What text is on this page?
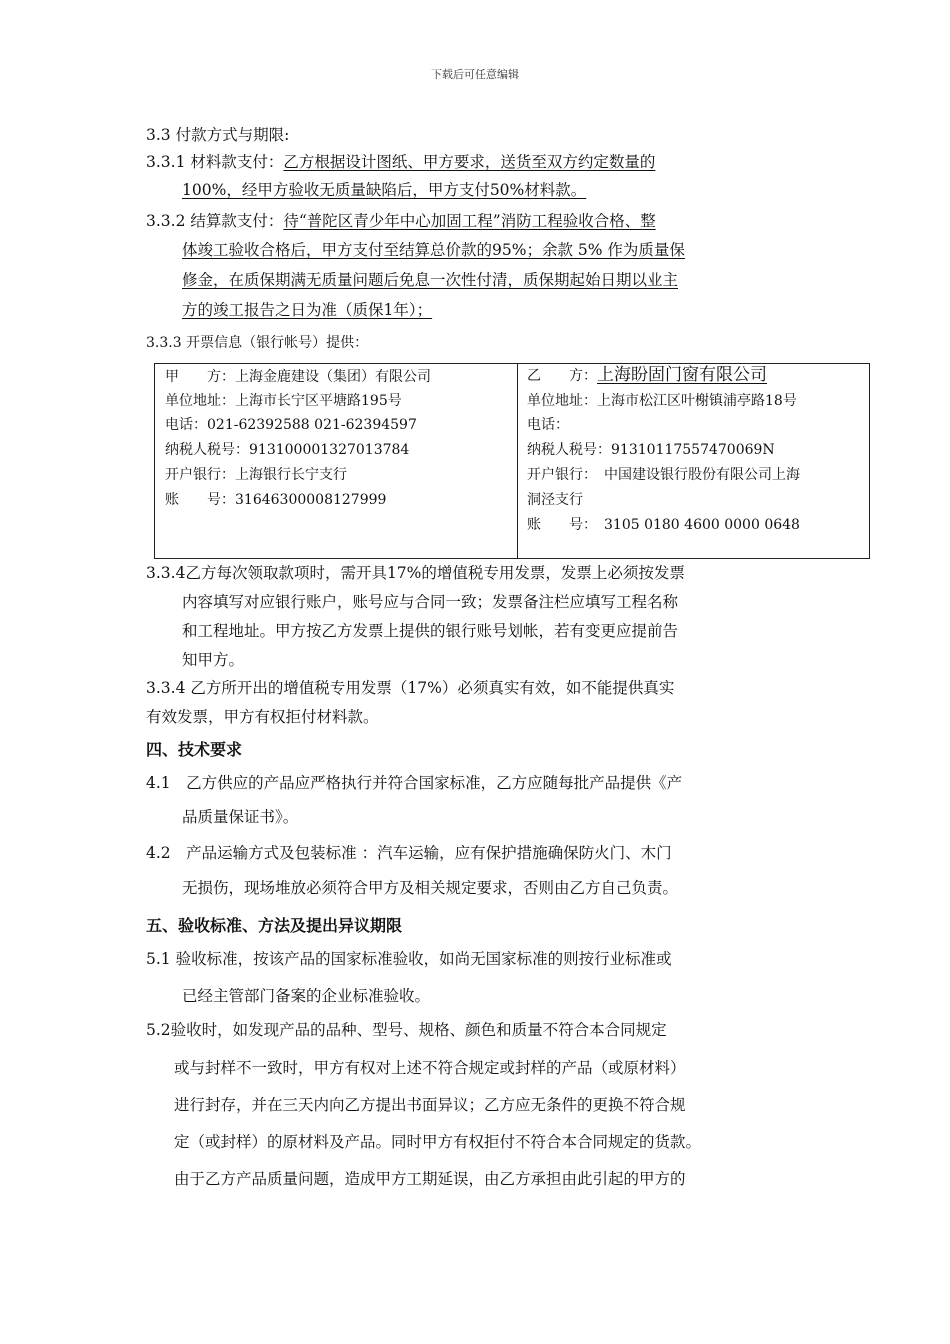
下载后可任意编辑
3.3 付款方式与期限:
3.3.1 材料款支付：乙方根据设计图纸、甲方要求，送货至双方约定数量的
100%，经甲方验收无质量缺陷后，甲方支付50%材料款。
3.3.2 结算款支付：待“普陀区青少年中心加固工程”消防工程验收合格、整
体竣工验收合格后，甲方支付至结算总价款的95%；余款 5% 作为质量保
修金，在质保期满无质量问题后免息一次性付清，质保期起始日期以业主
方的竣工报告之日为准（质保1年）；
3.3.3 开票信息（银行帐号）提供：
甲　　方：上海金鹿建设（集团）有限公司
单位地址：上海市长宁区平塘路195号
电话：021-62392588 021-62394597
纳税人税号：913100001327013784
开户银行：上海银行长宁支行
账　　号：31646300008127999
乙　　方：上海盼固门窗有限公司
单位地址：上海市松江区叶榭镇浦亭路18号
电话：
纳税人税号：91310117557470069N
开户银行：　中国建设银行股份有限公司上海
洞泾支行
账　　号：　3105 0180 4600 0000 0648
3.3.4乙方每次领取款项时，需开具17%的增值税专用发票，发票上必须按发票
内容填写对应银行账户，账号应与合同一致；发票备注栏应填写工程名称
和工程地址。甲方按乙方发票上提供的银行账号划帐，若有变更应提前告
知甲方。
3.3.4 乙方所开出的增值税专用发票（17%）必须真实有效，如不能提供真实
有效发票，甲方有权拒付材料款。
四、技术要求
4.1　乙方供应的产品应严格执行并符合国家标准，乙方应随每批产品提供《产
品质量保证书》。
4.2　产品运输方式及包装标准 ：汽车运输，应有保护措施确保防火门、木门
无损伤，现场堆放必须符合甲方及相关规定要求，否则由乙方自己负责。
五、验收标准、方法及提出异议期限
5.1 验收标准，按该产品的国家标准验收，如尚无国家标准的则按行业标准或
已经主管部门备案的企业标准验收。
5.2验收时，如发现产品的品种、型号、规格、颜色和质量不符合本合同规定
或与封样不一致时，甲方有权对上述不符合规定或封样的产品（或原材料）
进行封存，并在三天内向乙方提出书面异议；乙方应无条件的更换不符合规
定（或封样）的原材料及产品。同时甲方有权拒付不符合本合同规定的货款。
由于乙方产品质量问题，造成甲方工期延误，由乙方承担由此引起的甲方的
